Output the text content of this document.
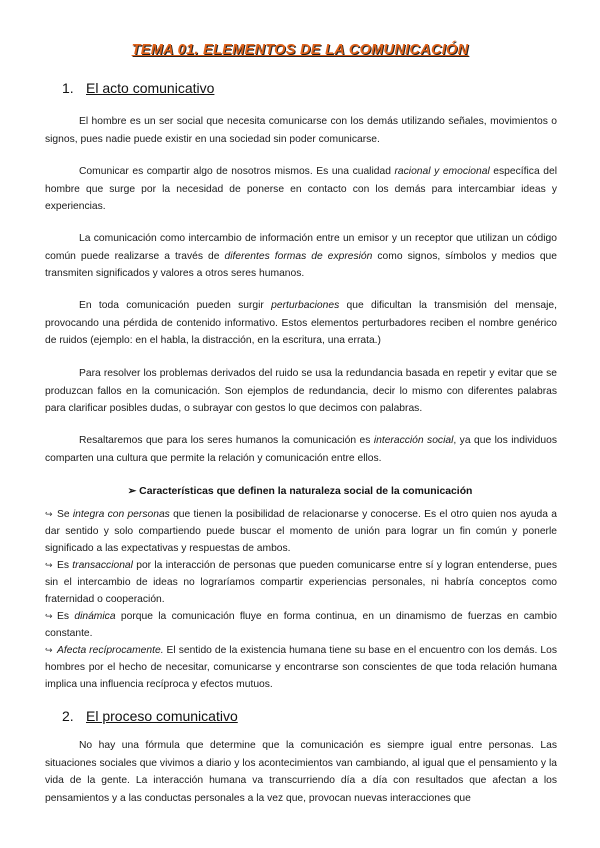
TEMA 01. ELEMENTOS DE LA COMUNICACIÓN
1. El acto comunicativo
El hombre es un ser social que necesita comunicarse con los demás utilizando señales, movimientos o signos, pues nadie puede existir en una sociedad sin poder comunicarse.
Comunicar es compartir algo de nosotros mismos. Es una cualidad racional y emocional específica del hombre que surge por la necesidad de ponerse en contacto con los demás para intercambiar ideas y experiencias.
La comunicación como intercambio de información entre un emisor y un receptor que utilizan un código común puede realizarse a través de diferentes formas de expresión como signos, símbolos y medios que transmiten significados y valores a otros seres humanos.
En toda comunicación pueden surgir perturbaciones que dificultan la transmisión del mensaje, provocando una pérdida de contenido informativo. Estos elementos perturbadores reciben el nombre genérico de ruidos (ejemplo: en el habla, la distracción, en la escritura, una errata.)
Para resolver los problemas derivados del ruido se usa la redundancia basada en repetir y evitar que se produzcan fallos en la comunicación. Son ejemplos de redundancia, decir lo mismo con diferentes palabras para clarificar posibles dudas, o subrayar con gestos lo que decimos con palabras.
Resaltaremos que para los seres humanos la comunicación es interacción social, ya que los individuos comparten una cultura que permite la relación y comunicación entre ellos.
➢ Características que definen la naturaleza social de la comunicación
↪ Se integra con personas que tienen la posibilidad de relacionarse y conocerse. Es el otro quien nos ayuda a dar sentido y solo compartiendo puede buscar el momento de unión para lograr un fin común y ponerle significado a las expectativas y respuestas de ambos.
↪ Es transaccional por la interacción de personas que pueden comunicarse entre sí y logran entenderse, pues sin el intercambio de ideas no lograríamos compartir experiencias personales, ni habría conceptos como fraternidad o cooperación.
↪ Es dinámica porque la comunicación fluye en forma continua, en un dinamismo de fuerzas en cambio constante.
↪ Afecta recíprocamente. El sentido de la existencia humana tiene su base en el encuentro con los demás. Los hombres por el hecho de necesitar, comunicarse y encontrarse son conscientes de que toda relación humana implica una influencia recíproca y efectos mutuos.
2. El proceso comunicativo
No hay una fórmula que determine que la comunicación es siempre igual entre personas. Las situaciones sociales que vivimos a diario y los acontecimientos van cambiando, al igual que el pensamiento y la vida de la gente. La interacción humana va transcurriendo día a día con resultados que afectan a los pensamientos y a las conductas personales a la vez que, provocan nuevas interacciones que
